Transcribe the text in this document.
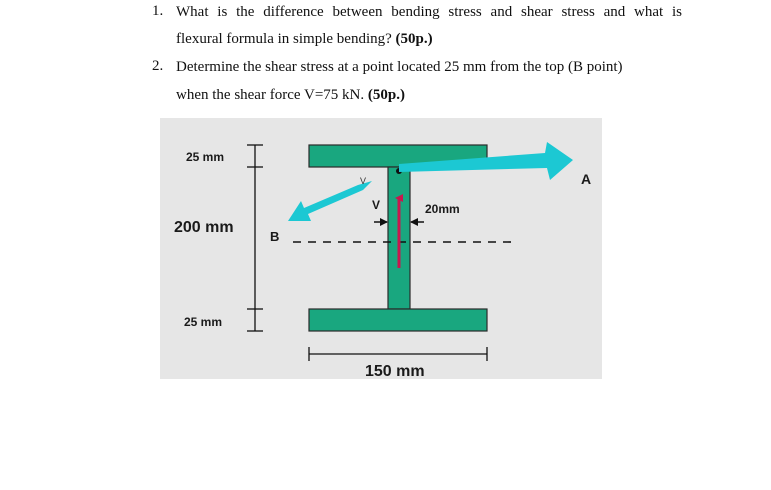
1. What is the difference between bending stress and shear stress and what is
flexural formula in simple bending? (50p.)
2. Determine the shear stress at a point located 25 mm from the top (B point)
when the shear force V=75 kN. (50p.)
25 mm
200 mm
25 mm
150 mm
20mm
B
A
V
V
